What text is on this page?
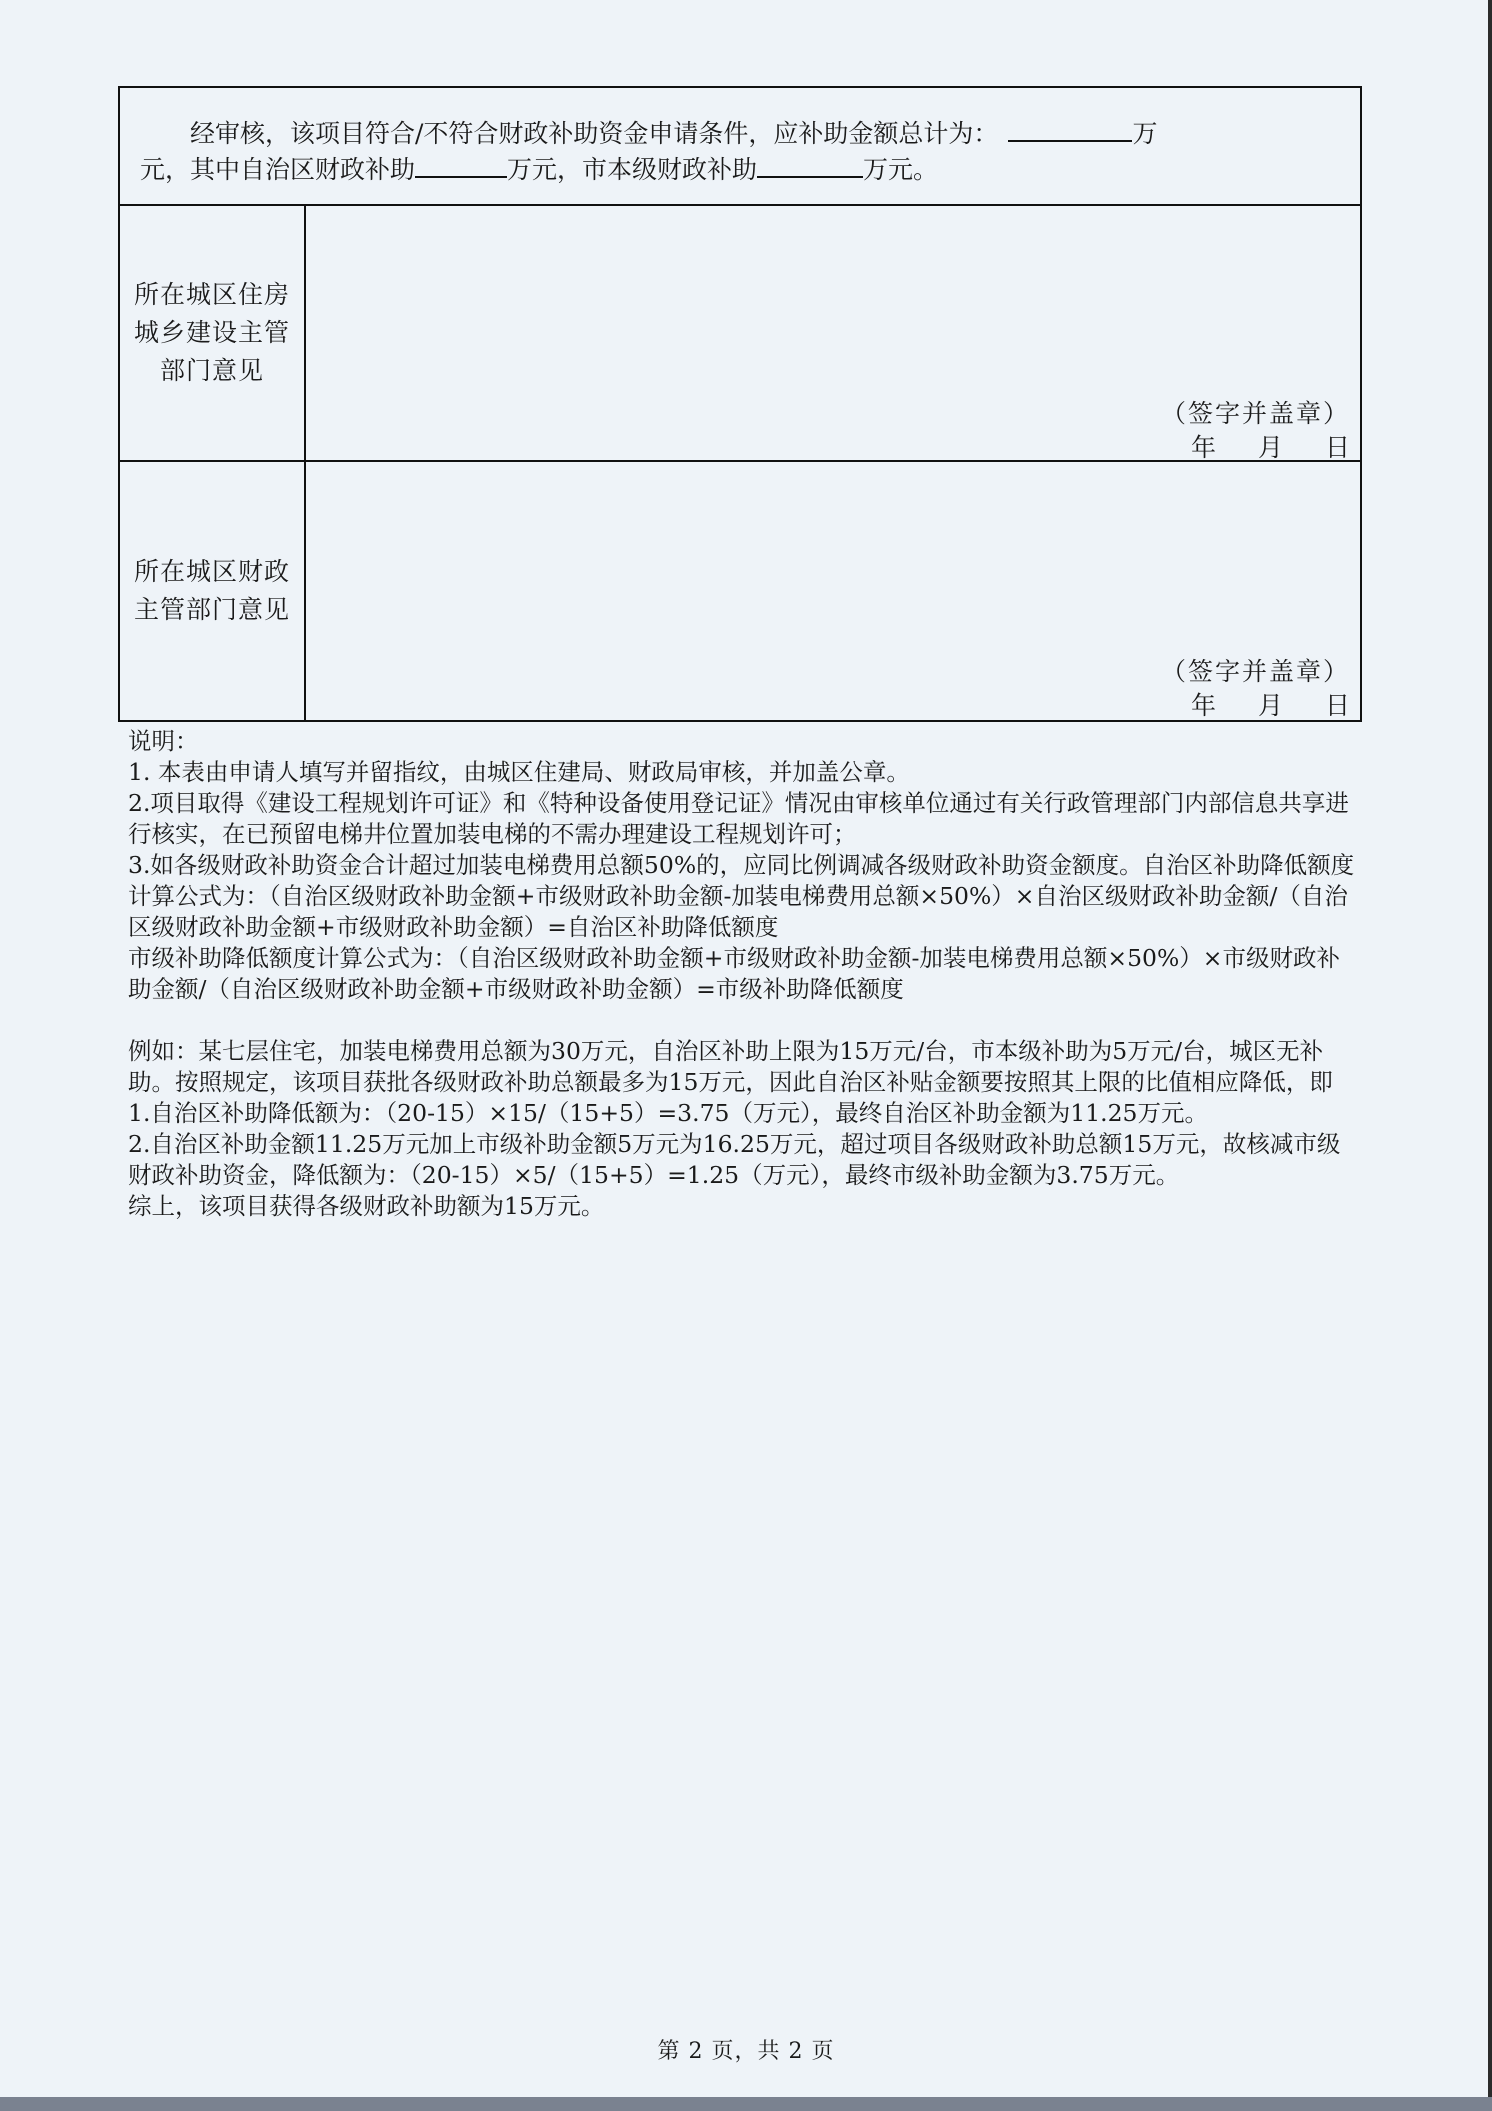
经审核，该项目符合/不符合财政补助资金申请条件，应补助金额总计为：	万
元，其中自治区财政补助	万元，市本级财政补助	万元。
所在城区住房城乡建设主管部门意见
（签字并盖章）
年 月 日
所在城区财政主管部门意见
（签字并盖章）
年 月 日

说明：

1. 本表由申请人填写并留指纹，由城区住建局、财政局审核，并加盖公章。

2.项目取得《建设工程规划许可证》和《特种设备使用登记证》情况由审核单位通过有关行政管理部门内部信息共享进行核实，在已预留电梯井位置加装电梯的不需办理建设工程规划许可；

3.如各级财政补助资金合计超过加装电梯费用总额50%的，应同比例调减各级财政补助资金额度。自治区补助降低额度计算公式为：（自治区级财政补助金额+市级财政补助金额-加装电梯费用总额×50%）×自治区级财政补助金额/（自治区级财政补助金额+市级财政补助金额）=自治区补助降低额度

市级补助降低额度计算公式为：（自治区级财政补助金额+市级财政补助金额-加装电梯费用总额×50%）×市级财政补助金额/（自治区级财政补助金额+市级财政补助金额）=市级补助降低额度

例如：某七层住宅，加装电梯费用总额为30万元，自治区补助上限为15万元/台，市本级补助为5万元/台，城区无补助。按照规定，该项目获批各级财政补助总额最多为15万元，因此自治区补贴金额要按照其上限的比值相应降低，即

1.自治区补助降低额为：（20-15）×15/（15+5）=3.75（万元），最终自治区补助金额为11.25万元。

2.自治区补助金额11.25万元加上市级补助金额5万元为16.25万元，超过项目各级财政补助总额15万元，故核减市级财政补助资金，降低额为：（20-15）×5/（15+5）=1.25（万元），最终市级补助金额为3.75万元。

综上，该项目获得各级财政补助额为15万元。

第 2 页，共 2 页
